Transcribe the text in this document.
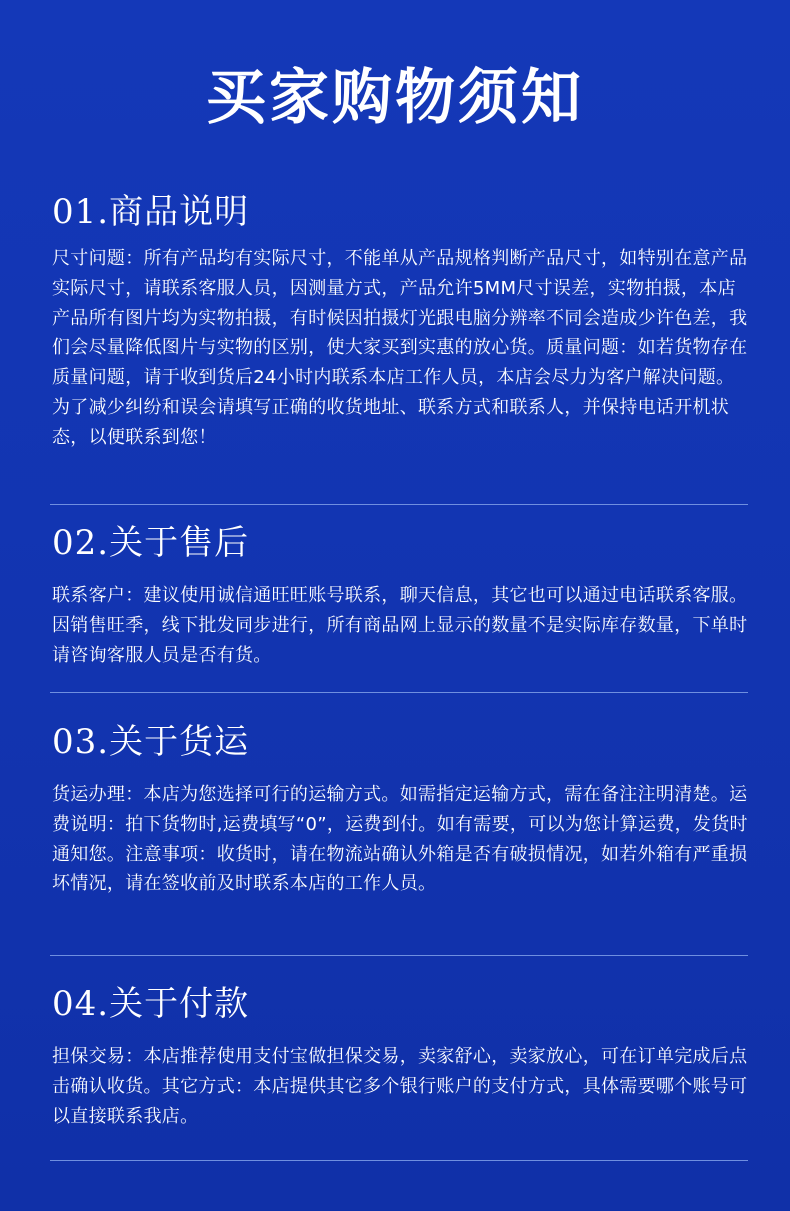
买家购物须知
01.商品说明
尺寸问题：所有产品均有实际尺寸，不能单从产品规格判断产品尺寸，如特别在意产品实际尺寸，请联系客服人员，因测量方式，产品允许5MM尺寸误差，实物拍摄，本店产品所有图片均为实物拍摄，有时候因拍摄灯光跟电脑分辨率不同会造成少许色差，我们会尽量降低图片与实物的区别，使大家买到实惠的放心货。质量问题：如若货物存在质量问题，请于收到货后24小时内联系本店工作人员，本店会尽力为客户解决问题。为了减少纠纷和误会请填写正确的收货地址、联系方式和联系人，并保持电话开机状态，以便联系到您！
02.关于售后
联系客户：建议使用诚信通旺旺账号联系，聊天信息，其它也可以通过电话联系客服。因销售旺季，线下批发同步进行，所有商品网上显示的数量不是实际库存数量，下单时请咨询客服人员是否有货。
03.关于货运
货运办理：本店为您选择可行的运输方式。如需指定运输方式，需在备注注明清楚。运费说明：拍下货物时,运费填写“0”，运费到付。如有需要，可以为您计算运费，发货时通知您。注意事项：收货时，请在物流站确认外箱是否有破损情况，如若外箱有严重损坏情况，请在签收前及时联系本店的工作人员。
04.关于付款
担保交易：本店推荐使用支付宝做担保交易，卖家舒心，卖家放心，可在订单完成后点击确认收货。其它方式：本店提供其它多个银行账户的支付方式，具体需要哪个账号可以直接联系我店。
